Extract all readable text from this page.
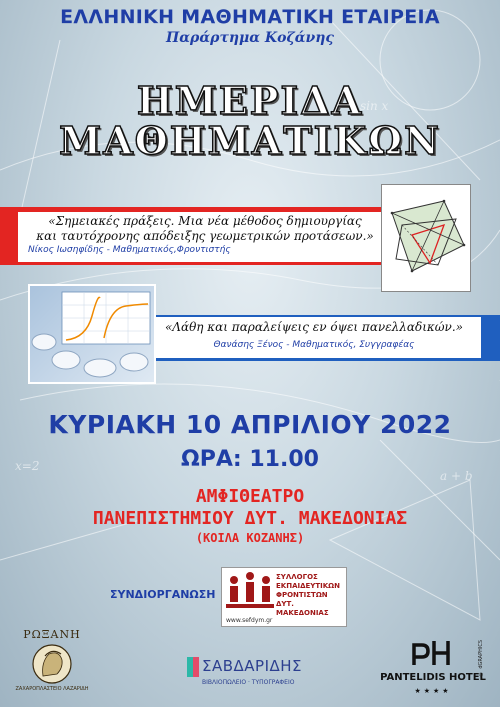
a + b
sin x
x=2
ΕΛΛΗΝΙΚΗ ΜΑΘΗΜΑΤΙΚΗ ΕΤΑΙΡΕΙΑ
Παράρτημα Κοζάνης
ΗΜΕΡΙΔΑ
ΜΑΘΗΜΑΤΙΚΩΝ
«Σημειακές πράξεις. Μια νέα μέθοδος δημιουργίας
και ταυτόχρονης απόδειξης γεωμετρικών προτάσεων.»
Νίκος Ιωσηφίδης - Μαθηματικός,Φροντιστής
«Λάθη και παραλείψεις εν όψει πανελλαδικών.»
Θανάσης Ξένος - Μαθηματικός, Συγγραφέας
ΚΥΡΙΑΚΗ 10 ΑΠΡΙΛΙΟΥ 2022
ΩΡΑ: 11.00
ΑΜΦΙΘΕΑΤΡΟ
ΠΑΝΕΠΙΣΤΗΜΙΟΥ ΔΥΤ. ΜΑΚΕΔΟΝΙΑΣ
(ΚΟΙΛΑ ΚΟΖΑΝΗΣ)
ΣΥΝΔΙΟΡΓΑΝΩΣΗ
ΣΥΛΛΟΓΟΣ
ΕΚΠΑΙΔΕΥΤΙΚΩΝ
ΦΡΟΝΤΙΣΤΩΝ
ΔΥΤ. ΜΑΚΕΔΟΝΙΑΣ
www.sefdym.gr
ΡΩΞΑΝΗ
ΖΑΧΑΡΟΠΛΑΣΤΕΙΟ ΛΑΖΑΡΙΔΗ
ΣΑΒΔΑΡΙΔΗΣ
ΒΙΒΛΙΟΠΩΛΕΙΟ · ΤΥΠΟΓΡΑΦΕΙΟ	PANTELIDIS HOTEL
★★★★
© dGRAPHICS
